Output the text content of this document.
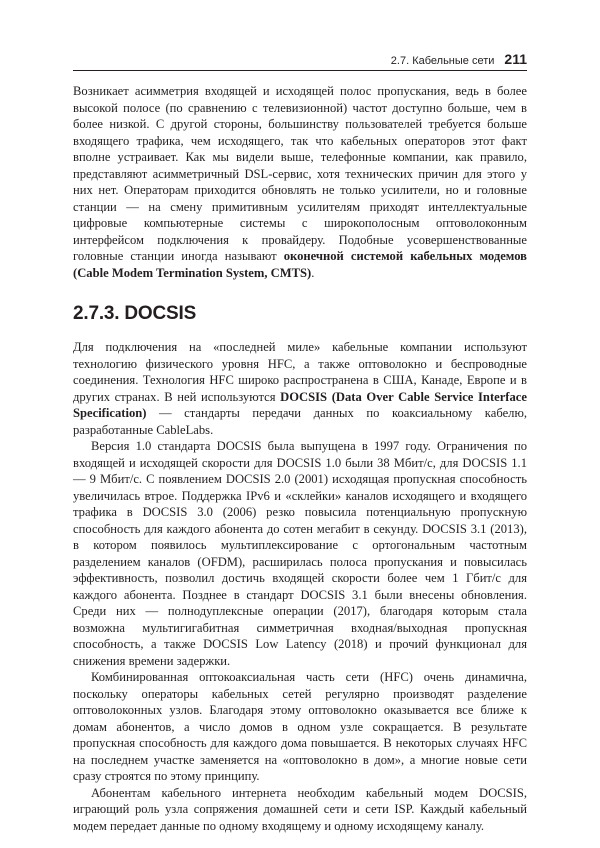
2.7. Кабельные сети 211

Возникает асимметрия входящей и исходящей полос пропускания, ведь в более высокой полосе (по сравнению с телевизионной) частот доступно больше, чем в более низкой. С другой стороны, большинству пользователей требуется больше входящего трафика, чем исходящего, так что кабельных операторов этот факт вполне устраивает. Как мы видели выше, телефонные компании, как правило, представляют асимметричный DSL-сервис, хотя технических причин для этого у них нет. Операторам приходится обновлять не только усилители, но и головные станции — на смену примитивным усилителям приходят интеллектуальные цифровые компьютерные системы с широкополосным оптоволоконным интерфейсом подключения к провайдеру. Подобные усовершенствованные головные станции иногда называют оконечной системой кабельных модемов (Cable Modem Termination System, CMTS).

2.7.3. DOCSIS

Для подключения на «последней миле» кабельные компании используют технологию физического уровня HFC, а также оптоволокно и беспроводные соединения. Технология HFC широко распространена в США, Канаде, Европе и в других странах. В ней используются DOCSIS (Data Over Cable Service Interface Specification) — стандарты передачи данных по коаксиальному кабелю, разработанные CableLabs.

Версия 1.0 стандарта DOCSIS была выпущена в 1997 году. Ограничения по входящей и исходящей скорости для DOCSIS 1.0 были 38 Мбит/c, для DOCSIS 1.1 — 9 Мбит/c. С появлением DOCSIS 2.0 (2001) исходящая пропускная способность увеличилась втрое. Поддержка IPv6 и «склейки» каналов исходящего и входящего трафика в DOCSIS 3.0 (2006) резко повысила потенциальную пропускную способность для каждого абонента до сотен мегабит в секунду. DOCSIS 3.1 (2013), в котором появилось мультиплексирование с ортогональным частотным разделением каналов (OFDM), расширилась полоса пропускания и повысилась эффективность, позволил достичь входящей скорости более чем 1 Гбит/c для каждого абонента. Позднее в стандарт DOCSIS 3.1 были внесены обновления. Среди них — полнодуплексные операции (2017), благодаря которым стала возможна мультигигабитная симметричная входная/выходная пропускная способность, а также DOCSIS Low Latency (2018) и прочий функционал для снижения времени задержки.

Комбинированная оптокоаксиальная часть сети (HFC) очень динамична, поскольку операторы кабельных сетей регулярно производят разделение оптоволоконных узлов. Благодаря этому оптоволокно оказывается все ближе к домам абонентов, а число домов в одном узле сокращается. В результате пропускная способность для каждого дома повышается. В некоторых случаях HFC на последнем участке заменяется на «оптоволокно в дом», а многие новые сети сразу строятся по этому принципу.

Абонентам кабельного интернета необходим кабельный модем DOCSIS, играющий роль узла сопряжения домашней сети и сети ISP. Каждый кабельный модем передает данные по одному входящему и одному исходящему каналу.
